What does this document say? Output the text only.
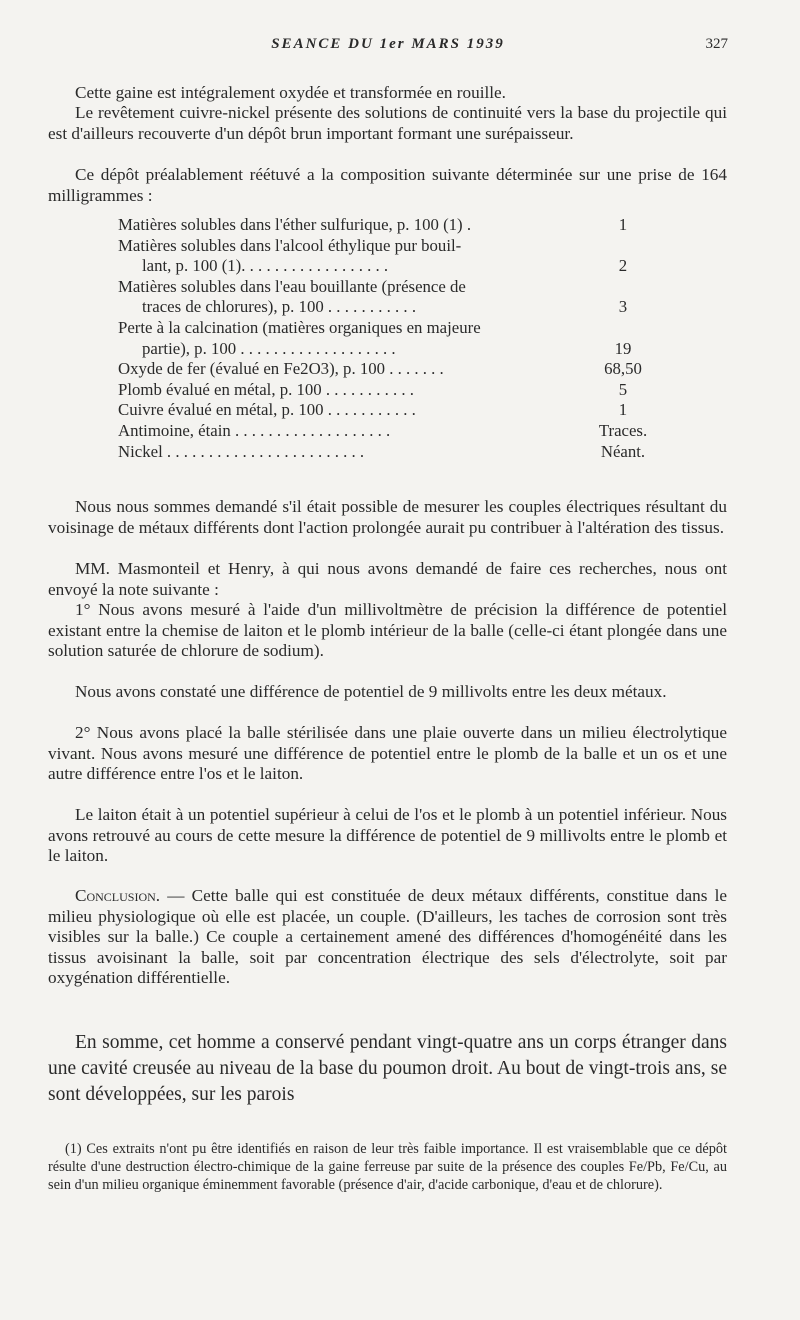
SEANCE DU 1er MARS 1939	327

Cette gaine est intégralement oxydée et transformée en rouille.

Le revêtement cuivre-nickel présente des solutions de continuité vers la base du projectile qui est d'ailleurs recouverte d'un dépôt brun important formant une surépaisseur.

Ce dépôt préalablement réétuvé a la composition suivante déterminée sur une prise de 164 milligrammes :

Matières solubles dans l'éther sulfurique, p. 100 (1) .	1
Matières solubles dans l'alcool éthylique pur bouil-
lant, p. 100 (1). . . . . . . . . . . . . . . . . .	2
Matières solubles dans l'eau bouillante (présence de
traces de chlorures), p. 100 . . . . . . . . . . .	3
Perte à la calcination (matières organiques en majeure
partie), p. 100 . . . . . . . . . . . . . . . . . . .	19
Oxyde de fer (évalué en Fe2O3), p. 100 . . . . . . .	68,50
Plomb évalué en métal, p. 100 . . . . . . . . . . .	5
Cuivre évalué en métal, p. 100 . . . . . . . . . . .	1
Antimoine, étain . . . . . . . . . . . . . . . . . . .	Traces.
Nickel . . . . . . . . . . . . . . . . . . . . . . . .	Néant.

Nous nous sommes demandé s'il était possible de mesurer les couples électriques résultant du voisinage de métaux différents dont l'action prolongée aurait pu contribuer à l'altération des tissus.

MM. Masmonteil et Henry, à qui nous avons demandé de faire ces recherches, nous ont envoyé la note suivante :

1° Nous avons mesuré à l'aide d'un millivoltmètre de précision la différence de potentiel existant entre la chemise de laiton et le plomb intérieur de la balle (celle-ci étant plongée dans une solution saturée de chlorure de sodium).

Nous avons constaté une différence de potentiel de 9 millivolts entre les deux métaux.

2° Nous avons placé la balle stérilisée dans une plaie ouverte dans un milieu électrolytique vivant. Nous avons mesuré une différence de potentiel entre le plomb de la balle et un os et une autre différence entre l'os et le laiton.

Le laiton était à un potentiel supérieur à celui de l'os et le plomb à un potentiel inférieur. Nous avons retrouvé au cours de cette mesure la différence de potentiel de 9 millivolts entre le plomb et le laiton.

Conclusion. — Cette balle qui est constituée de deux métaux différents, constitue dans le milieu physiologique où elle est placée, un couple. (D'ailleurs, les taches de corrosion sont très visibles sur la balle.) Ce couple a certainement amené des différences d'homogénéité dans les tissus avoisinant la balle, soit par concentration électrique des sels d'électrolyte, soit par oxygénation différentielle.

En somme, cet homme a conservé pendant vingt-quatre ans un corps étranger dans une cavité creusée au niveau de la base du poumon droit. Au bout de vingt-trois ans, se sont développées, sur les parois

(1) Ces extraits n'ont pu être identifiés en raison de leur très faible importance. Il est vraisemblable que ce dépôt résulte d'une destruction électro-chimique de la gaine ferreuse par suite de la présence des couples Fe/Pb, Fe/Cu, au sein d'un milieu organique éminemment favorable (présence d'air, d'acide carbonique, d'eau et de chlorure).
